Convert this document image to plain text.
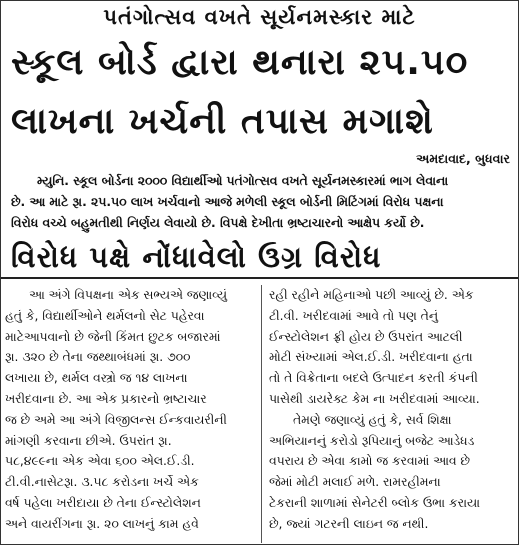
પતંગોત્સવ વખતે સૂર્યનમસ્કાર માટે
સ્કૂલ બોર્ડ દ્વારા થનારા ૨૫.૫૦
લાખના ખર્ચની તપાસ મગાશે
અમદાવાદ, બુધવાર
મ્યુનિ. સ્કૂલ બોર્ડના ૨૦૦૦ વિદ્યાર્થીઓ પતંગોત્સવ વખતે સૂર્યનમસ્કારમાં ભાગ લેવાના
છે. આ માટે રૂા. ૨૫.૫૦ લાખ ખર્ચવાનો આજે મળેલી સ્કૂલ બોર્ડની મિટિંગમાં વિરોધ પક્ષના
વિરોધ વચ્ચે બહુમતીથી નિર્ણય લેવાયો છે. વિપક્ષે દેખીતા ભ્રષ્ટાચારનો આક્ષેપ કર્યો છે.
વિરોધ પક્ષે નોંધાવેલો ઉગ્ર વિરોધ
આ અંગે વિપક્ષના એક સભ્યએ જણાવ્યું
હતું કે, વિદ્યાર્થીઓને થર્મલનો સેટ પહેરવા
માટેઆપવાનો છે જેની કિંમત છુટક બજારમાં
રૂા. ૩૨૦ છે તેના જથ્થાબંધમાં રૂા. ૭૦૦
લખાયા છે, થર્મલ વસ્ત્રો જ ૧૪ લાખના
ખરીદવાના છે. આ એક પ્રકારનો ભ્રષ્ટાચાર
જ છે અમે આ અંગે વિજીલન્સ ઈન્કવાયરીની
માંગણી કરવાના છીએ. ઉપરાંત રૂા.
૫૮,૪૯૯ના એક એવા ૬૦૦ એલ.ઈ.ડી.
ટી.વી.નાસેટરૂા. ૩.૫૮ કરોડના ખર્ચે એક
વર્ષ પહેલા ખરીદાયા છે તેના ઈન્સ્ટોલેશન
અને વાયરીંગના રૂા. ૨૦ લાખનું કામ હવે
રહી રહીને મહિનાઓ પછી આવ્યું છે. એક
ટી.વી. ખરીદવામાં આવે તો પણ તેનું
ઈન્સ્ટોલેશન ફ્રી હોય છે ઉપરાંત આટલી
મોટી સંખ્યામાં એલ.ઈ.ડી. ખરીદવાના હતા
તો તે વિક્રેતાના બદલે ઉત્પાદન કરતી કંપની
પાસેથી ડાયરેક્ટ કેમ ના ખરીદવામાં આવ્યા.
તેમણે જણાવ્યું હતું કે, સર્વ શિક્ષા
અભિયાનનું કરોડો રૂપિયાનું બજેટ આડેધડ
વપરાય છે એવા કામો જ કરવામાં આવ છે
જેમાં મોટી મલાઈ મળે. રામરહીમના
ટેકરાની શાળામાં સેનેટરી બ્લોક ઉભા કરાયા
છે, જ્યાં ગટરની લાઇન જ નથી.
